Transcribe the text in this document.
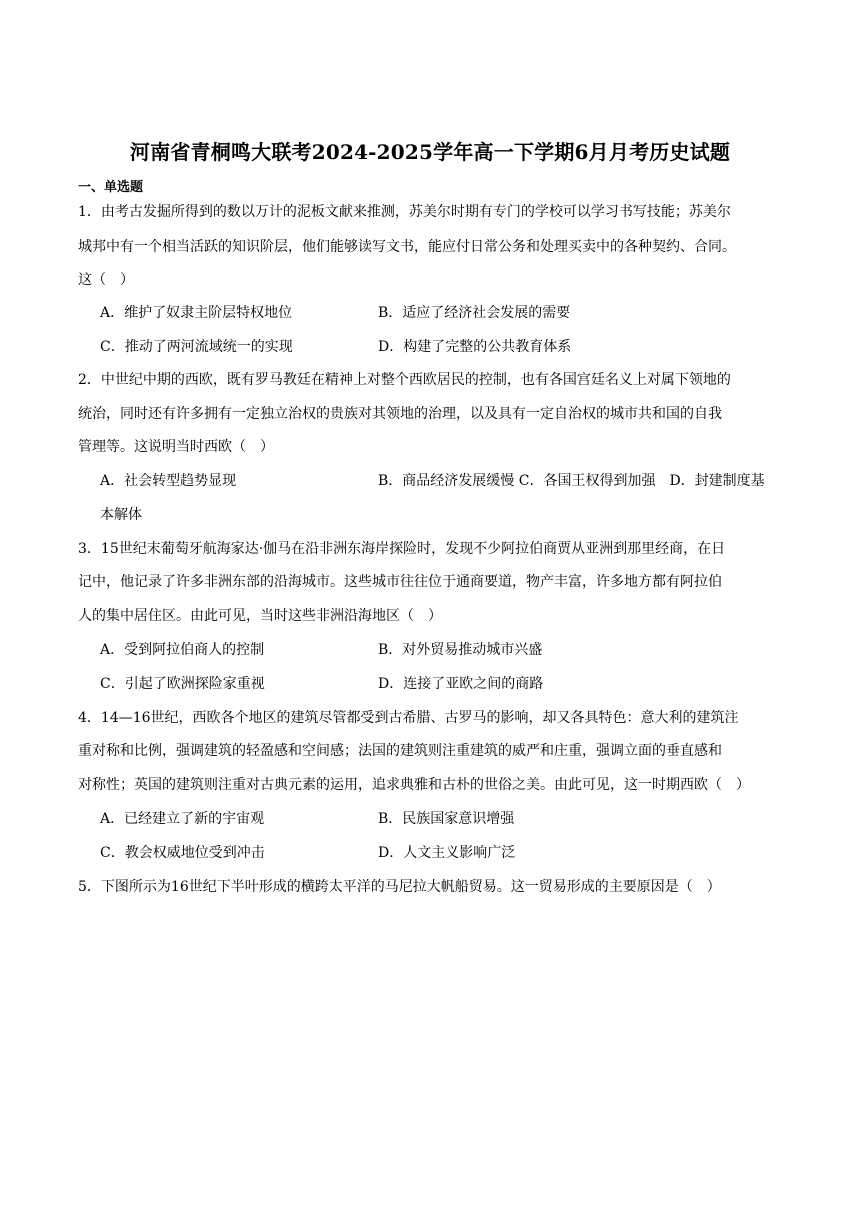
河南省青桐鸣大联考2024-2025学年高一下学期6月月考历史试题
一、单选题
1．由考古发掘所得到的数以万计的泥板文献来推测，苏美尔时期有专门的学校可以学习书写技能；苏美尔
城邦中有一个相当活跃的知识阶层，他们能够读写文书，能应付日常公务和处理买卖中的各种契约、合同。
这（　）
A．维护了奴隶主阶层特权地位	B．适应了经济社会发展的需要
C．推动了两河流域统一的实现	D．构建了完整的公共教育体系
2．中世纪中期的西欧，既有罗马教廷在精神上对整个西欧居民的控制，也有各国宫廷名义上对属下领地的
统治，同时还有许多拥有一定独立治权的贵族对其领地的治理，以及具有一定自治权的城市共和国的自我
管理等。这说明当时西欧（　）
A．社会转型趋势显现	B．商品经济发展缓慢 C．各国王权得到加强　D．封建制度基
本解体
3．15世纪末葡萄牙航海家达·伽马在沿非洲东海岸探险时，发现不少阿拉伯商贾从亚洲到那里经商，在日
记中，他记录了许多非洲东部的沿海城市。这些城市往往位于通商要道，物产丰富，许多地方都有阿拉伯
人的集中居住区。由此可见，当时这些非洲沿海地区（　）
A．受到阿拉伯商人的控制	B．对外贸易推动城市兴盛
C．引起了欧洲探险家重视	D．连接了亚欧之间的商路
4．14—16世纪，西欧各个地区的建筑尽管都受到古希腊、古罗马的影响，却又各具特色：意大利的建筑注
重对称和比例，强调建筑的轻盈感和空间感；法国的建筑则注重建筑的威严和庄重，强调立面的垂直感和
对称性；英国的建筑则注重对古典元素的运用，追求典雅和古朴的世俗之美。由此可见，这一时期西欧（　）
A．已经建立了新的宇宙观	B．民族国家意识增强
C．教会权威地位受到冲击	D．人文主义影响广泛
5．下图所示为16世纪下半叶形成的横跨太平洋的马尼拉大帆船贸易。这一贸易形成的主要原因是（　）
